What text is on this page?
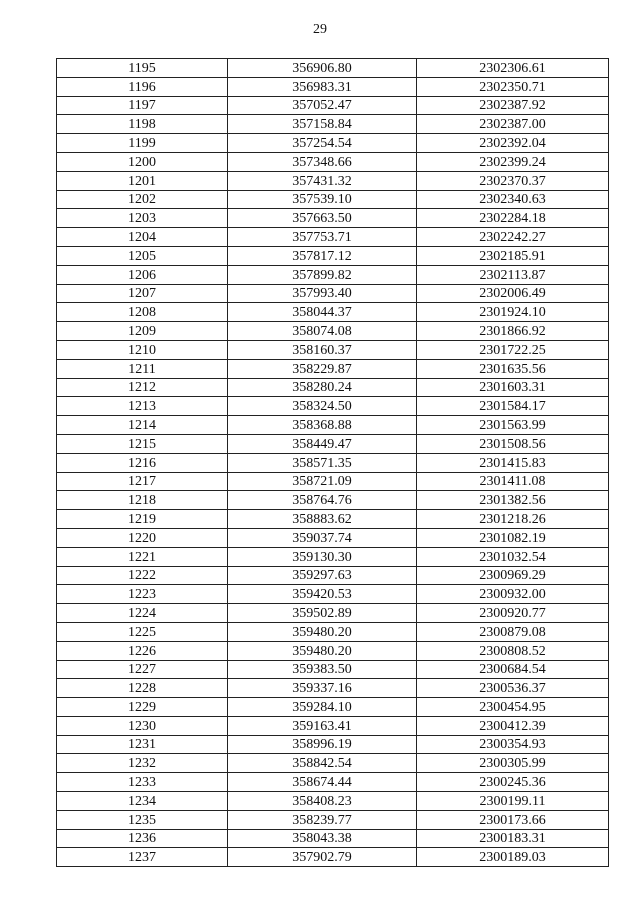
29
1195	356906.80	2302306.61
1196	356983.31	2302350.71
1197	357052.47	2302387.92
1198	357158.84	2302387.00
1199	357254.54	2302392.04
1200	357348.66	2302399.24
1201	357431.32	2302370.37
1202	357539.10	2302340.63
1203	357663.50	2302284.18
1204	357753.71	2302242.27
1205	357817.12	2302185.91
1206	357899.82	2302113.87
1207	357993.40	2302006.49
1208	358044.37	2301924.10
1209	358074.08	2301866.92
1210	358160.37	2301722.25
1211	358229.87	2301635.56
1212	358280.24	2301603.31
1213	358324.50	2301584.17
1214	358368.88	2301563.99
1215	358449.47	2301508.56
1216	358571.35	2301415.83
1217	358721.09	2301411.08
1218	358764.76	2301382.56
1219	358883.62	2301218.26
1220	359037.74	2301082.19
1221	359130.30	2301032.54
1222	359297.63	2300969.29
1223	359420.53	2300932.00
1224	359502.89	2300920.77
1225	359480.20	2300879.08
1226	359480.20	2300808.52
1227	359383.50	2300684.54
1228	359337.16	2300536.37
1229	359284.10	2300454.95
1230	359163.41	2300412.39
1231	358996.19	2300354.93
1232	358842.54	2300305.99
1233	358674.44	2300245.36
1234	358408.23	2300199.11
1235	358239.77	2300173.66
1236	358043.38	2300183.31
1237	357902.79	2300189.03
